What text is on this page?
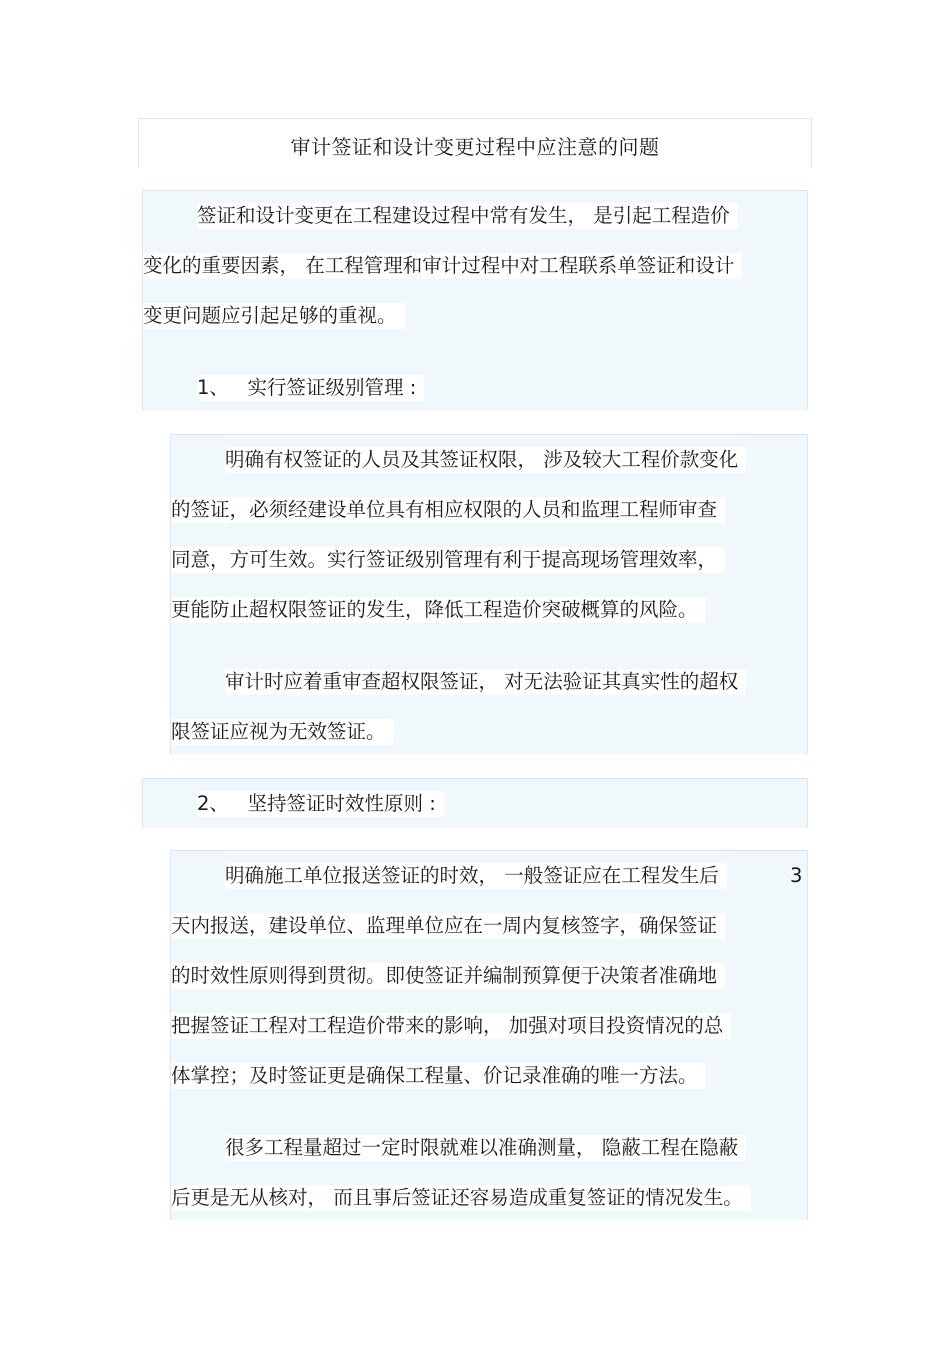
审计签证和设计变更过程中应注意的问题
签证和设计变更在工程建设过程中常有发生， 是引起工程造价
变化的重要因素， 在工程管理和审计过程中对工程联系单签证和设计
变更问题应引起足够的重视。
1、 实行签证级别管理 :
明确有权签证的人员及其签证权限， 涉及较大工程价款变化
的签证，必须经建设单位具有相应权限的人员和监理工程师审查
同意，方可生效。实行签证级别管理有利于提高现场管理效率，
更能防止超权限签证的发生，降低工程造价突破概算的风险。
审计时应着重审查超权限签证， 对无法验证其真实性的超权
限签证应视为无效签证。
2、 坚持签证时效性原则 :
明确施工单位报送签证的时效， 一般签证应在工程发生后	3
天内报送，建设单位、监理单位应在一周内复核签字，确保签证
的时效性原则得到贯彻。即使签证并编制预算便于决策者准确地
把握签证工程对工程造价带来的影响， 加强对项目投资情况的总
体掌控；及时签证更是确保工程量、价记录准确的唯一方法。
很多工程量超过一定时限就难以准确测量， 隐蔽工程在隐蔽
后更是无从核对， 而且事后签证还容易造成重复签证的情况发生。
